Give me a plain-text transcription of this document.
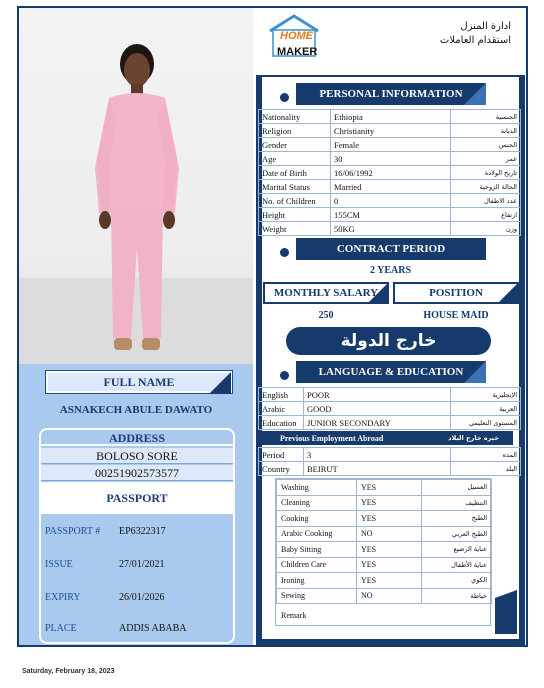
FULL NAME
ASNAKECH ABULE DAWATO
ADDRESS
BOLOSO SORE
00251902573577
PASSPORT
PASSPORT #	EP6322317
ISSUE	27/01/2021
EXPIRY	26/01/2026
PLACE	ADDIS ABABA
HOME
MAKER
ادارة المنزل
استقدام العاملات
PERSONAL INFORMATION
Nationality	Ethiopia	الجنسية
Religion	Christianity	الديانة
Gender	Female	الجنس
Age	30	عمر
Date of Birth	16/06/1992	تاريخ الولادة
Marital Status	Married	الحالة الزوجية
No. of Children	0	عدد الاطفال
Height	155CM	ارتفاع
Weight	50KG	وزن
CONTRACT PERIOD
2 YEARS
MONTHLY SALARY	POSITION
250	HOUSE MAID
خارج الدولة
LANGUAGE & EDUCATION
English	POOR	الإنجليزية
Arabic	GOOD	العربية
Education	JUNIOR SECONDARY	المستوى التعليمي
Previous Employment Abroad	خبره خارج البلاد
Period	3	المده
Country	BEIRUT	البلد
Washing	YES	الغسيل
Cleaning	YES	التنظيف
Cooking	YES	الطبخ
Arabic Cooking	NO	الطبخ العربي
Baby Sitting	YES	عناية الرضيع
Children Care	YES	عناية الأطفال
Ironing	YES	الكوي
Sewing	NO	خياطة
Remark
Saturday, February 18, 2023
